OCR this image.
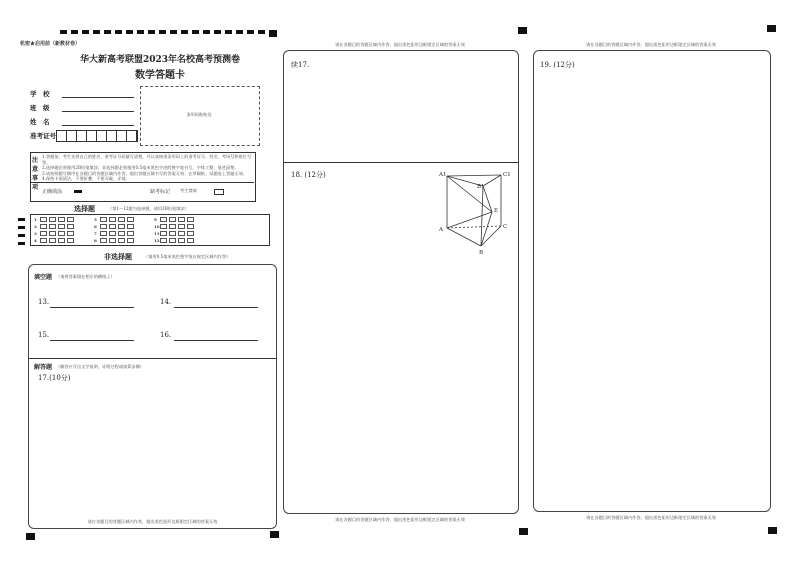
机密★启用前（新教材卷）
华大新高考联盟2023年名校高考预测卷
数学答题卡
学　校
班　级
姓　名
准考证号
条形码粘贴处
注意事项
1.答题前，考生先将自己的姓名、准考证号码填写清楚，并认真核准条形码上的准考证号、姓名、考场号和座位号等。
2.选择题必须使用2B铅笔填涂；非选择题必须使用0.5毫米黑色字迹的签字笔书写，字体工整、笔迹清楚。
3.请按照题号顺序在各题目的答题区域内作答，超出答题区域书写的答案无效；在草稿纸、试题卷上答题无效。
4.保持卡面清洁，不要折叠，不要弄破、弄皱。
正确填涂	缺考标记 考生禁填
选择题	（第1～12题为选择题，请用2B铅笔填涂）
1	5	9
2	6	10
3	7	11
4	8	12
非选择题	（请用0.5毫米黑色签字笔在规定区域内作答）
填空题 （请将答案填在相应的横线上）
13.	14.
15.	16.
解答题 （解答应写出文字说明、证明过程或演算步骤）
17.(10分)
请在各题目的答题区域内作答，超出黑色矩形边框限定区域的答案无效
请在各题目的答题区域内作答，超出黑色矩形边框限定区域的答案无效
续17.
18. (12分)	A1
B1
C1
A
B
C
E
请在各题目的答题区域内作答，超出黑色矩形边框限定区域的答案无效
请在各题目的答题区域内作答，超出黑色矩形边框限定区域的答案无效
19. (12分)
请在各题目的答题区域内作答，超出黑色矩形边框限定区域的答案无效
